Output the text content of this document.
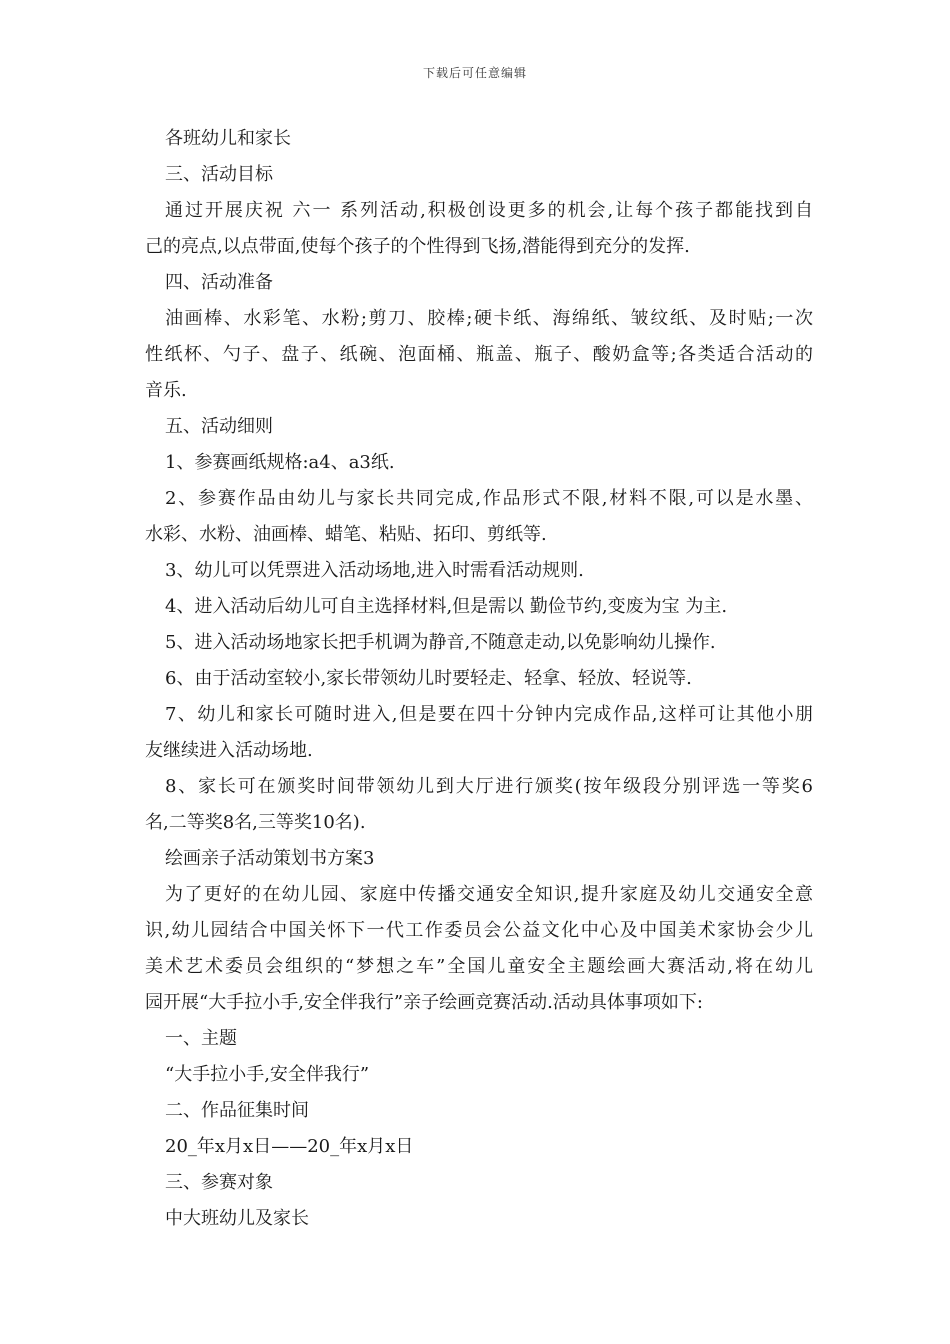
下载后可任意编辑
各班幼儿和家长
三、活动目标
通过开展庆祝 六一 系列活动,积极创设更多的机会,让每个孩子都能找到自
己的亮点,以点带面,使每个孩子的个性得到飞扬,潜能得到充分的发挥.
四、活动准备
油画棒、水彩笔、水粉;剪刀、胶棒;硬卡纸、海绵纸、皱纹纸、及时贴;一次
性纸杯、勺子、盘子、纸碗、泡面桶、瓶盖、瓶子、酸奶盒等;各类适合活动的
音乐.
五、活动细则
1、参赛画纸规格:a4、a3纸.
2、参赛作品由幼儿与家长共同完成,作品形式不限,材料不限,可以是水墨、
水彩、水粉、油画棒、蜡笔、粘贴、拓印、剪纸等.
3、幼儿可以凭票进入活动场地,进入时需看活动规则.
4、进入活动后幼儿可自主选择材料,但是需以 勤俭节约,变废为宝 为主.
5、进入活动场地家长把手机调为静音,不随意走动,以免影响幼儿操作.
6、由于活动室较小,家长带领幼儿时要轻走、轻拿、轻放、轻说等.
7、幼儿和家长可随时进入,但是要在四十分钟内完成作品,这样可让其他小朋
友继续进入活动场地.
8、家长可在颁奖时间带领幼儿到大厅进行颁奖(按年级段分别评选一等奖6
名,二等奖8名,三等奖10名).
绘画亲子活动策划书方案3
为了更好的在幼儿园、家庭中传播交通安全知识,提升家庭及幼儿交通安全意
识,幼儿园结合中国关怀下一代工作委员会公益文化中心及中国美术家协会少儿
美术艺术委员会组织的“梦想之车”全国儿童安全主题绘画大赛活动,将在幼儿
园开展“大手拉小手,安全伴我行”亲子绘画竞赛活动.活动具体事项如下:
一、主题
“大手拉小手,安全伴我行”
二、作品征集时间
20_年x月x日——20_年x月x日
三、参赛对象
中大班幼儿及家长
